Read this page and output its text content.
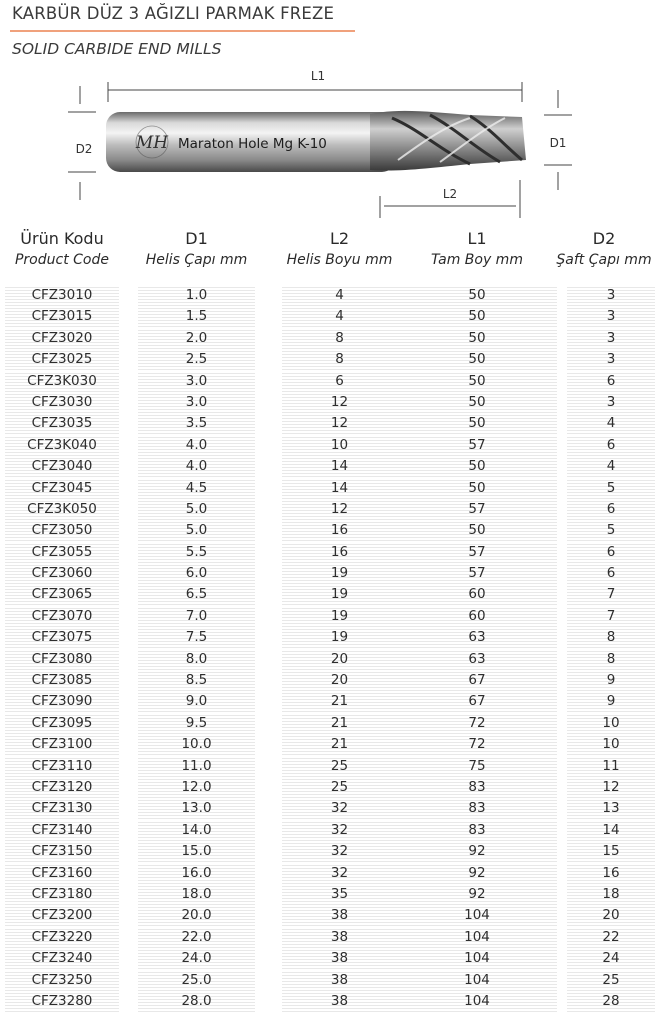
KARBÜR DÜZ 3 AĞIZLI PARMAK FREZE
SOLID CARBIDE END MILLS
L1
D2	D1
L2
MH Maraton Hole Mg K-10
Ürün Kodu
Product Code
D1
Helis Çapı mm
L2
Helis Boyu mm
L1
Tam Boy mm
D2
Şaft Çapı mm
CFZ3010	1.0	4	50	3
CFZ3015	1.5	4	50	3
CFZ3020	2.0	8	50	3
CFZ3025	2.5	8	50	3
CFZ3K030	3.0	6	50	6
CFZ3030	3.0	12	50	3
CFZ3035	3.5	12	50	4
CFZ3K040	4.0	10	57	6
CFZ3040	4.0	14	50	4
CFZ3045	4.5	14	50	5
CFZ3K050	5.0	12	57	6
CFZ3050	5.0	16	50	5
CFZ3055	5.5	16	57	6
CFZ3060	6.0	19	57	6
CFZ3065	6.5	19	60	7
CFZ3070	7.0	19	60	7
CFZ3075	7.5	19	63	8
CFZ3080	8.0	20	63	8
CFZ3085	8.5	20	67	9
CFZ3090	9.0	21	67	9
CFZ3095	9.5	21	72	10
CFZ3100	10.0	21	72	10
CFZ3110	11.0	25	75	11
CFZ3120	12.0	25	83	12
CFZ3130	13.0	32	83	13
CFZ3140	14.0	32	83	14
CFZ3150	15.0	32	92	15
CFZ3160	16.0	32	92	16
CFZ3180	18.0	35	92	18
CFZ3200	20.0	38	104	20
CFZ3220	22.0	38	104	22
CFZ3240	24.0	38	104	24
CFZ3250	25.0	38	104	25
CFZ3280	28.0	38	104	28
